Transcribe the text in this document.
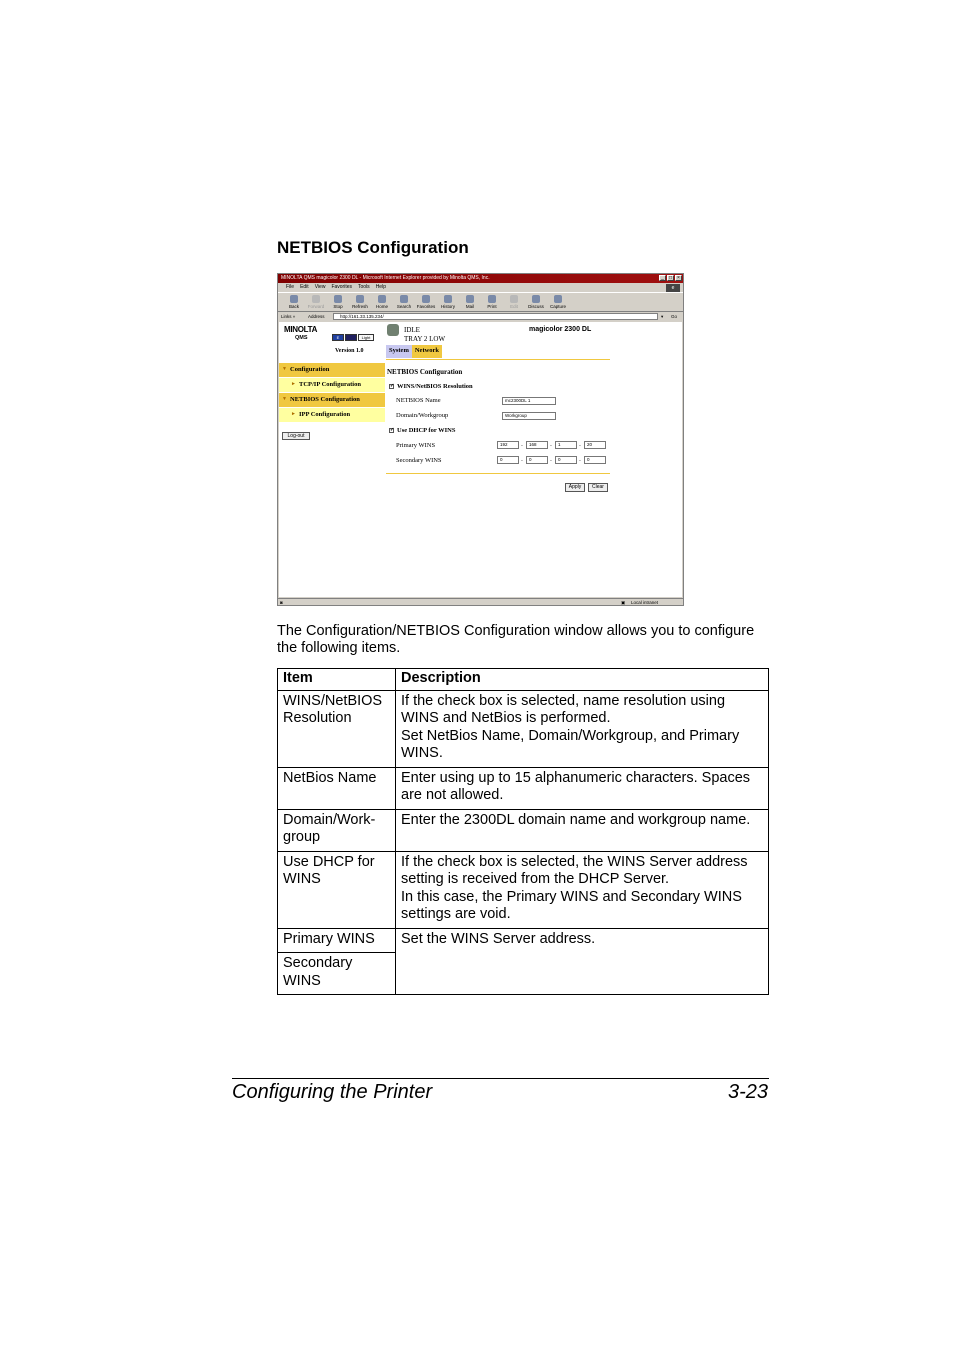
NETBIOS Configuration
MINOLTA QMS magicolor 2300 DL - Microsoft Internet Explorer provided by Minolta QMS, Inc.	_	□	×
File Edit View Favorites Tools Help	e
Back	Forward	Stop	Refresh	Home	Search	Favorites	History	Mail	Print	Edit	Discuss	Capture
Links »	Address	http://161.33.135.234/	▾ Go
MINOLTA
QMS	E	Light
Version 1.0
IDLE
TRAY 2 LOW
magicolor 2300 DL
System Network
▼ Configuration
► TCP/IP Configuration
▼ NETBIOS Configuration
► IPP Configuration
Log-out
NETBIOS Configuration
✓ WINS/NetBIOS Resolution
NETBIOS Name	mc2300DL 1
Domain/Workgroup	Workgroup
✓ Use DHCP for WINS
Primary WINS	192	.	168	.	1	.	20
Secondary WINS	0	.	0	.	0	.	0
Apply	Clear
◙	▣ Local intranet
The Configuration/NETBIOS Configuration window allows you to configure the following items.
Item	Description
WINS/NetBIOS Resolution	If the check box is selected, name resolution using WINS and NetBios is performed.
Set NetBios Name, Domain/Workgroup, and Primary WINS.

NetBios Name	Enter using up to 15 alphanumeric characters. Spaces are not allowed.

Domain/Work-group	Enter the 2300DL domain name and workgroup name.

Use DHCP for WINS	If the check box is selected, the WINS Server address setting is received from the DHCP Server.
In this case, the Primary WINS and Secondary WINS settings are void.

Primary WINS	Set the WINS Server address.

Secondary WINS	
Configuring the Printer	3-23
